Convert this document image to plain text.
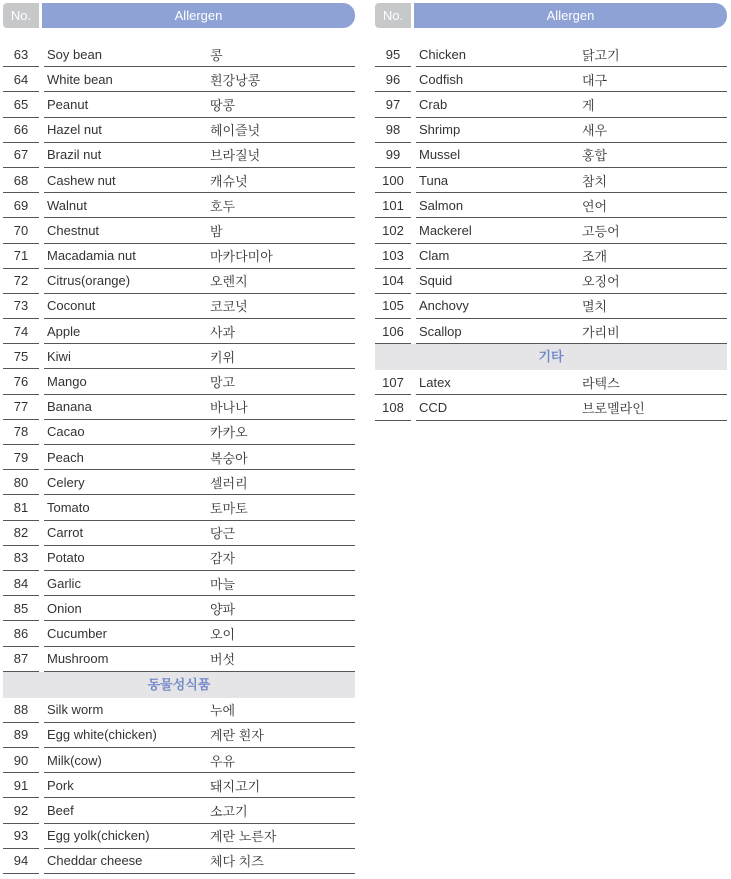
No.	Allergen
63	Soy bean	콩
64	White bean	흰강낭콩
65	Peanut	땅콩
66	Hazel nut	헤이즐넛
67	Brazil nut	브라질넛
68	Cashew nut	캐슈넛
69	Walnut	호두
70	Chestnut	밤
71	Macadamia nut	마카다미아
72	Citrus(orange)	오렌지
73	Coconut	코코넛
74	Apple	사과
75	Kiwi	키위
76	Mango	망고
77	Banana	바나나
78	Cacao	카카오
79	Peach	복숭아
80	Celery	셀러리
81	Tomato	토마토
82	Carrot	당근
83	Potato	감자
84	Garlic	마늘
85	Onion	양파
86	Cucumber	오이
87	Mushroom	버섯
동물성식품
88	Silk worm	누에
89	Egg white(chicken)	계란 흰자
90	Milk(cow)	우유
91	Pork	돼지고기
92	Beef	소고기
93	Egg yolk(chicken)	계란 노른자
94	Cheddar cheese	체다 치즈
No.	Allergen
95	Chicken	닭고기
96	Codfish	대구
97	Crab	게
98	Shrimp	새우
99	Mussel	홍합
100	Tuna	참치
101	Salmon	연어
102	Mackerel	고등어
103	Clam	조개
104	Squid	오징어
105	Anchovy	멸치
106	Scallop	가리비
기타
107	Latex	라텍스
108	CCD	브로멜라인
